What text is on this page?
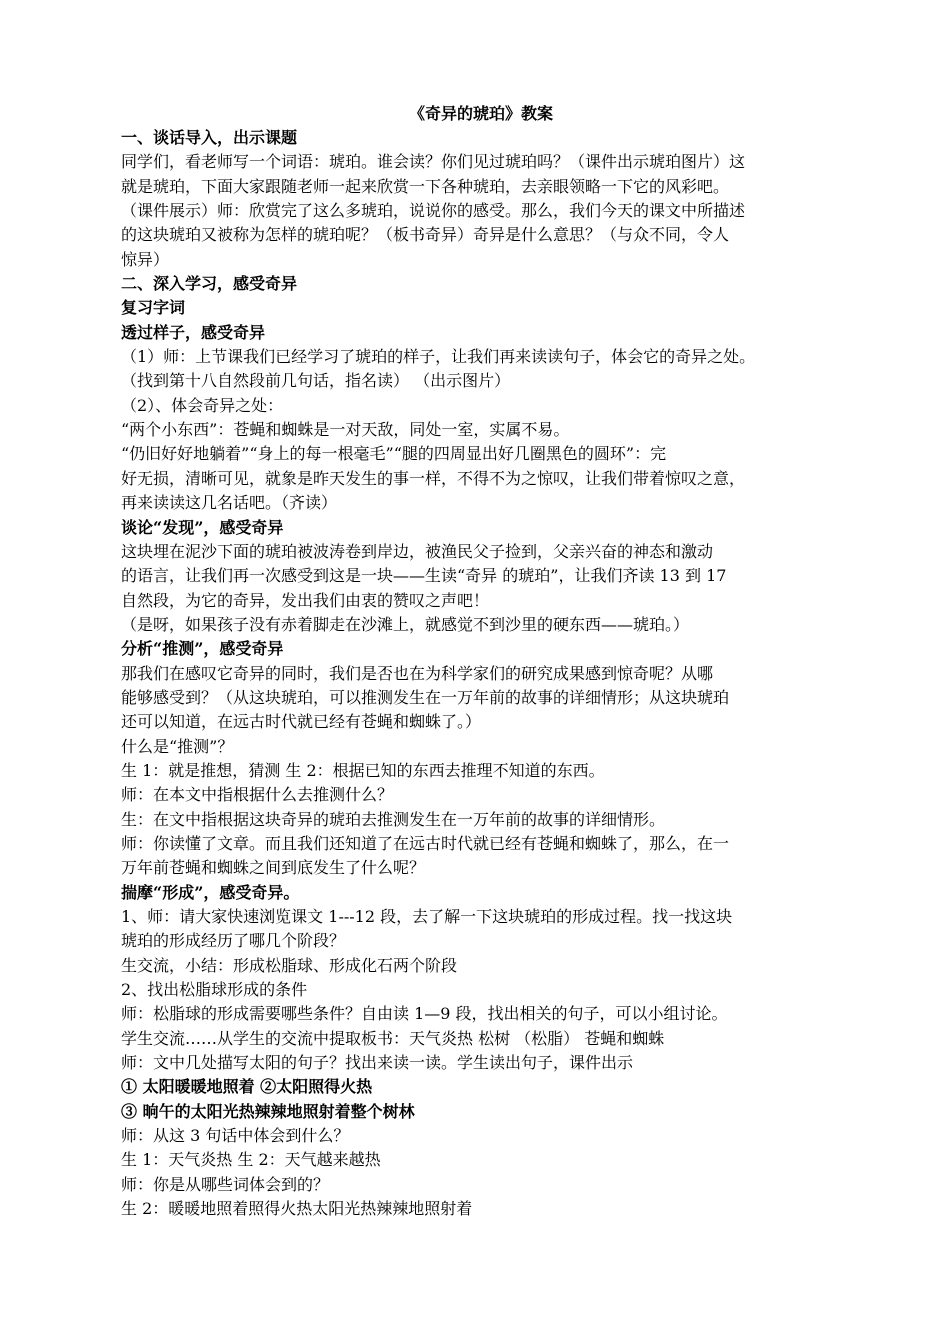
《奇异的琥珀》教案
一、谈话导入，出示课题
同学们，看老师写一个词语：琥珀。谁会读？你们见过琥珀吗？（课件出示琥珀图片）这
就是琥珀，下面大家跟随老师一起来欣赏一下各种琥珀，去亲眼领略一下它的风彩吧。
（课件展示）师：欣赏完了这么多琥珀，说说你的感受。那么，我们今天的课文中所描述
的这块琥珀又被称为怎样的琥珀呢？（板书奇异）奇异是什么意思？（与众不同，令人
惊异）
二、深入学习，感受奇异
复习字词
透过样子，感受奇异
（1）师：上节课我们已经学习了琥珀的样子，让我们再来读读句子，体会它的奇异之处。
（找到第十八自然段前几句话，指名读） （出示图片）
（2）、体会奇异之处：
“两个小东西”：苍蝇和蜘蛛是一对天敌，同处一室，实属不易。
“仍旧好好地躺着”“身上的每一根毫毛”“腿的四周显出好几圈黑色的圆环”：完
好无损，清晰可见，就象是昨天发生的事一样，不得不为之惊叹，让我们带着惊叹之意，
再来读读这几名话吧。（齐读）
谈论“发现”，感受奇异
这块埋在泥沙下面的琥珀被波涛卷到岸边，被渔民父子捡到，父亲兴奋的神态和激动
的语言，让我们再一次感受到这是一块——生读“奇异 的琥珀”，让我们齐读 13 到 17
自然段，为它的奇异，发出我们由衷的赞叹之声吧！
（是呀，如果孩子没有赤着脚走在沙滩上，就感觉不到沙里的硬东西——琥珀。）
分析“推测”，感受奇异
那我们在感叹它奇异的同时，我们是否也在为科学家们的研究成果感到惊奇呢？从哪
能够感受到？（从这块琥珀，可以推测发生在一万年前的故事的详细情形；从这块琥珀
还可以知道，在远古时代就已经有苍蝇和蜘蛛了。）
什么是“推测”？
生 1：就是推想，猜测 生 2：根据已知的东西去推理不知道的东西。
师：在本文中指根据什么去推测什么？
生：在文中指根据这块奇异的琥珀去推测发生在一万年前的故事的详细情形。
师：你读懂了文章。而且我们还知道了在远古时代就已经有苍蝇和蜘蛛了，那么，在一
万年前苍蝇和蜘蛛之间到底发生了什么呢？
揣摩“形成”，感受奇异。
1、师：请大家快速浏览课文 1---12 段，去了解一下这块琥珀的形成过程。找一找这块
琥珀的形成经历了哪几个阶段？
生交流，小结：形成松脂球、形成化石两个阶段
2、找出松脂球形成的条件
师：松脂球的形成需要哪些条件？自由读 1—9 段，找出相关的句子，可以小组讨论。
学生交流……从学生的交流中提取板书：天气炎热 松树 （松脂） 苍蝇和蜘蛛
师：文中几处描写太阳的句子？找出来读一读。学生读出句子，课件出示
① 太阳暖暖地照着 ②太阳照得火热
③ 晌午的太阳光热辣辣地照射着整个树林
师：从这 3 句话中体会到什么？
生 1：天气炎热 生 2：天气越来越热
师：你是从哪些词体会到的？
生 2：暖暖地照着照得火热太阳光热辣辣地照射着
